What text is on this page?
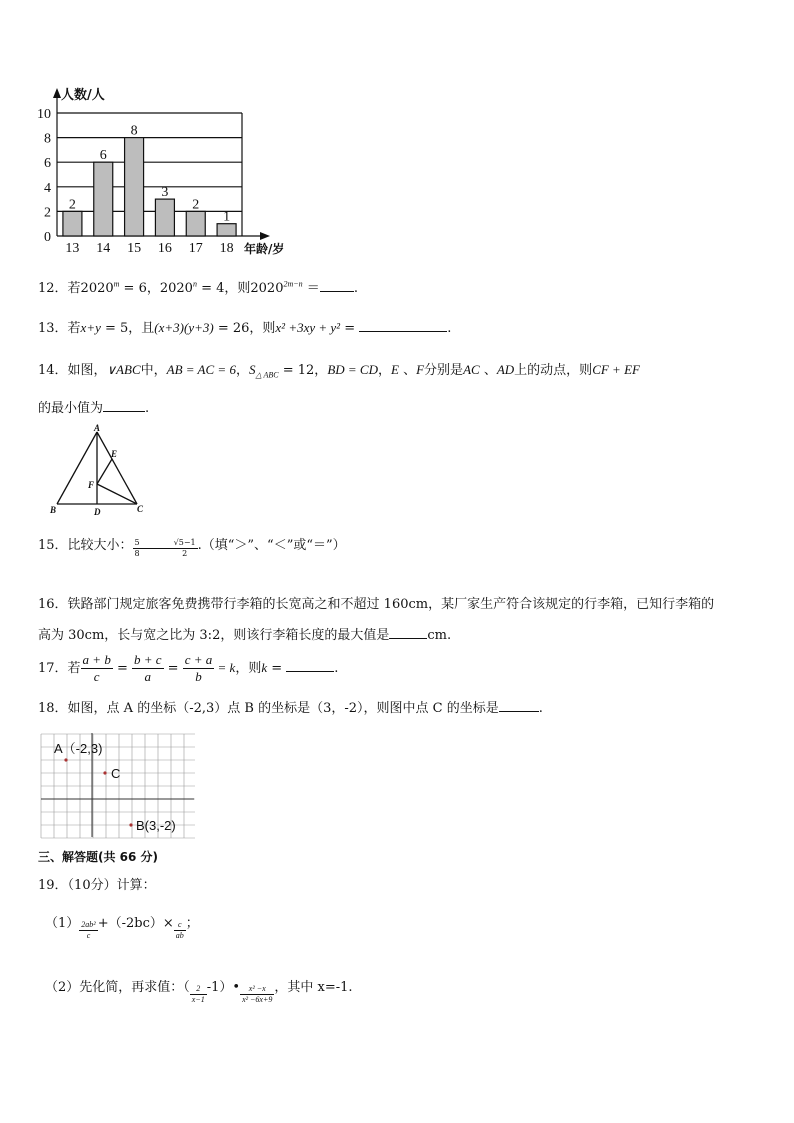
0
2
4
6
8
10
2
13
6
14
8
15
3
16
2
17
1
18
人数/人
年龄/岁
12．若$2020^m = 6$，$2020^n = 4$，则$2020^{2m-n}$ ＝	.
13．若x+y = 5，且(x+3)(y+3) = 26，则x² +3xy + y² =	.
14．如图，∨ABC中，AB = AC = 6，$S_{\triangle ABC} = 12$，BD = CD，E 、F分别是AC 、AD上的动点，则CF + EF
的最小值为	.
A
B	C
D
E
F
15．比较大小： $\frac{5}{8}$	$\frac{√5-1}{2}$ .（填“＞”、“＜”或“＝”）
16．铁路部门规定旅客免费携带行李箱的长宽高之和不超过 160cm，某厂家生产符合该规定的行李箱，已知行李箱的
高为 30cm，长与宽之比为 3:2，则该行李箱长度的最大值是	cm.
17．若 $\frac{a + b}{c} = \frac{b + c}{a} = \frac{c + a}{b} = k$，则k =	.
18．如图，点 A 的坐标（-2,3）点 B 的坐标是（3，-2），则图中点 C 的坐标是	.
A（-2,3)
C
B(3,-2)
三、解答题(共 66 分)
19．（10分）计算：
$(1) \frac{\text{2ab²}}{c} +(-2bc)\times \frac{c}{ab}$ ；
（2）先化简，再求值：（ $\frac{2}{x-1}$ -1）• $\frac{\text{x² −x}}{\text{x² −6x+9}}$ ，其中 x=-1.
